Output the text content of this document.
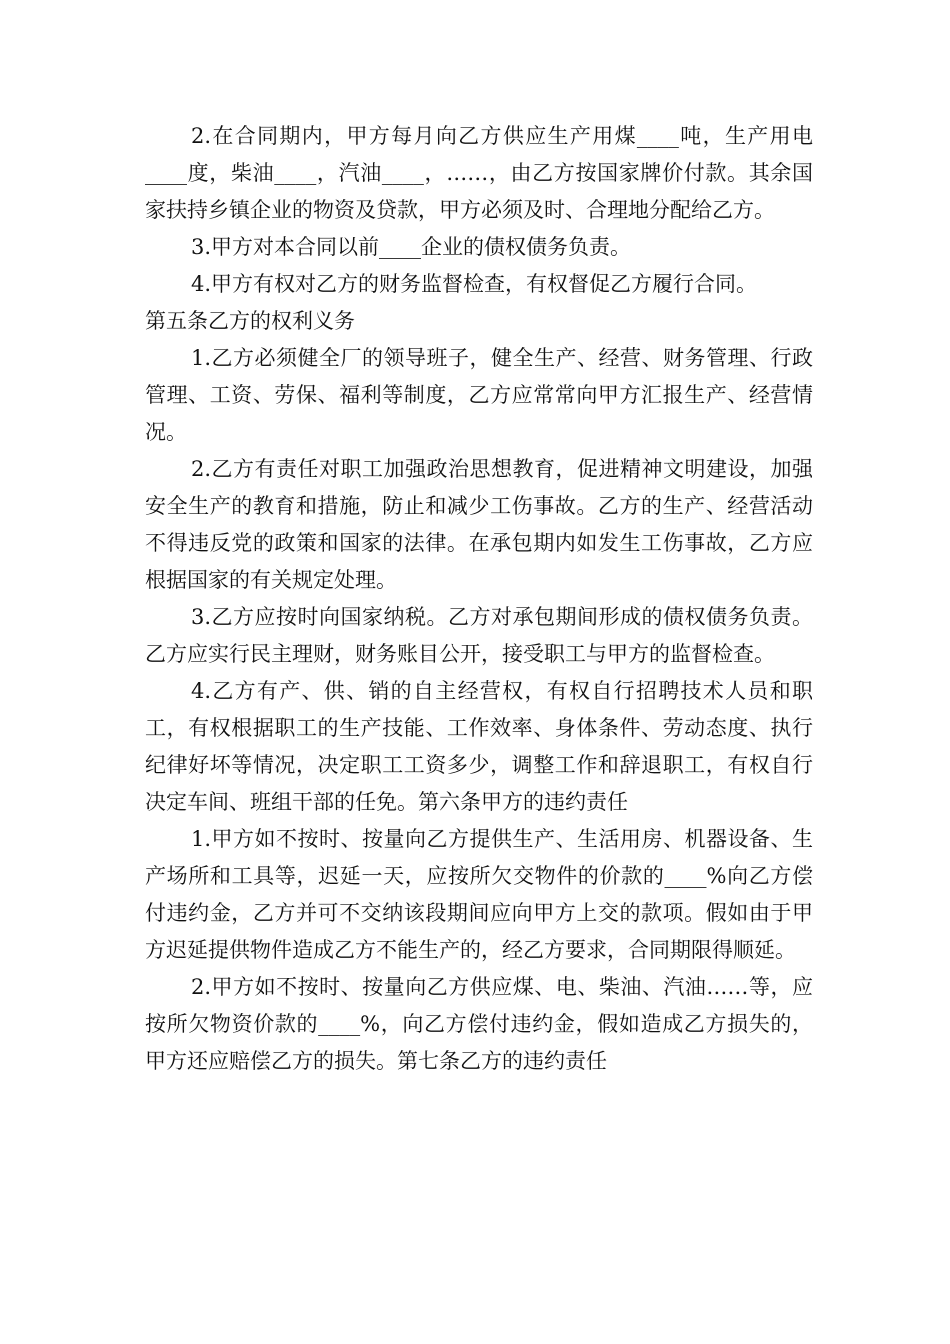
2.在合同期内，甲方每月向乙方供应生产用煤____吨，生产用电____度，柴油____，汽油____，……，由乙方按国家牌价付款。其余国家扶持乡镇企业的物资及贷款，甲方必须及时、合理地分配给乙方。

3.甲方对本合同以前____企业的债权债务负责。

4.甲方有权对乙方的财务监督检查，有权督促乙方履行合同。

第五条乙方的权利义务

1.乙方必须健全厂的领导班子，健全生产、经营、财务管理、行政管理、工资、劳保、福利等制度，乙方应常常向甲方汇报生产、经营情况。

2.乙方有责任对职工加强政治思想教育，促进精神文明建设，加强安全生产的教育和措施，防止和减少工伤事故。乙方的生产、经营活动不得违反党的政策和国家的法律。在承包期内如发生工伤事故，乙方应根据国家的有关规定处理。

3.乙方应按时向国家纳税。乙方对承包期间形成的债权债务负责。乙方应实行民主理财，财务账目公开，接受职工与甲方的监督检查。

4.乙方有产、供、销的自主经营权，有权自行招聘技术人员和职工，有权根据职工的生产技能、工作效率、身体条件、劳动态度、执行纪律好坏等情况，决定职工工资多少，调整工作和辞退职工，有权自行决定车间、班组干部的任免。第六条甲方的违约责任

1.甲方如不按时、按量向乙方提供生产、生活用房、机器设备、生产场所和工具等，迟延一天，应按所欠交物件的价款的____%向乙方偿付违约金，乙方并可不交纳该段期间应向甲方上交的款项。假如由于甲方迟延提供物件造成乙方不能生产的，经乙方要求，合同期限得顺延。

2.甲方如不按时、按量向乙方供应煤、电、柴油、汽油……等，应按所欠物资价款的____%，向乙方偿付违约金，假如造成乙方损失的，甲方还应赔偿乙方的损失。第七条乙方的违约责任
